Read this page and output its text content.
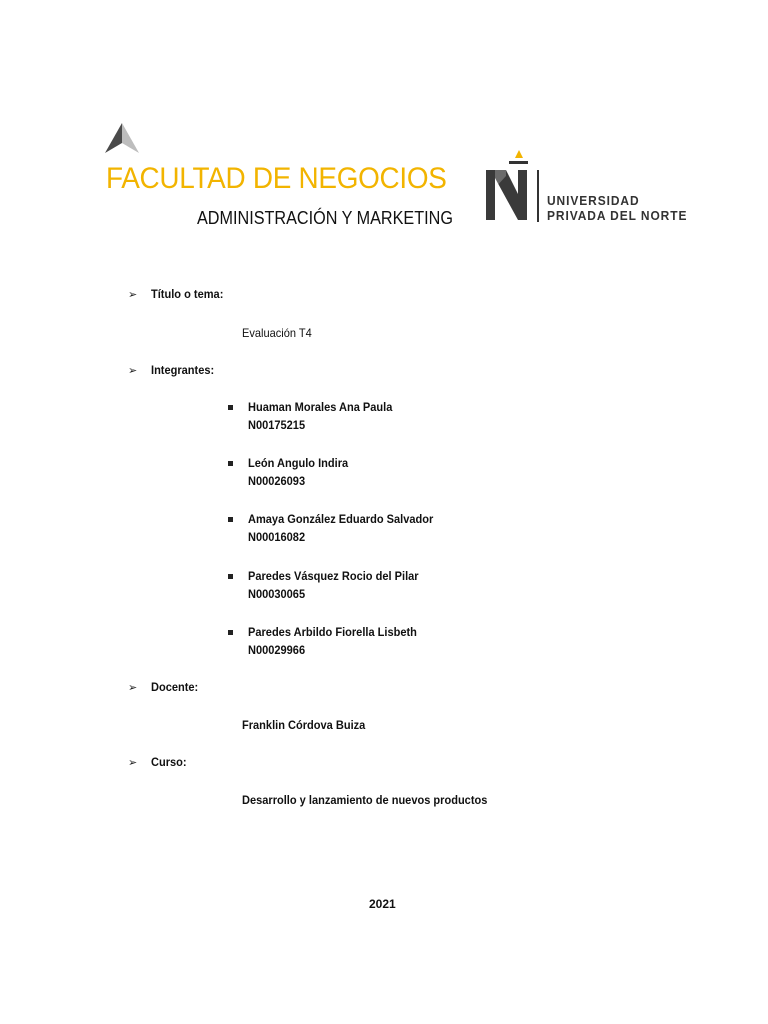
FACULTAD DE NEGOCIOS
ADMINISTRACIÓN Y MARKETING
UNIVERSIDAD
PRIVADA DEL NORTE
➢ Título o tema:
Evaluación T4
➢ Integrantes:
Huaman Morales Ana Paula
N00175215
León Angulo Indira
N00026093
Amaya González Eduardo Salvador
N00016082
Paredes Vásquez Rocio del Pilar
N00030065
Paredes Arbildo Fiorella Lisbeth
N00029966
➢ Docente:
Franklin Córdova Buiza
➢ Curso:
Desarrollo y lanzamiento de nuevos productos
2021
